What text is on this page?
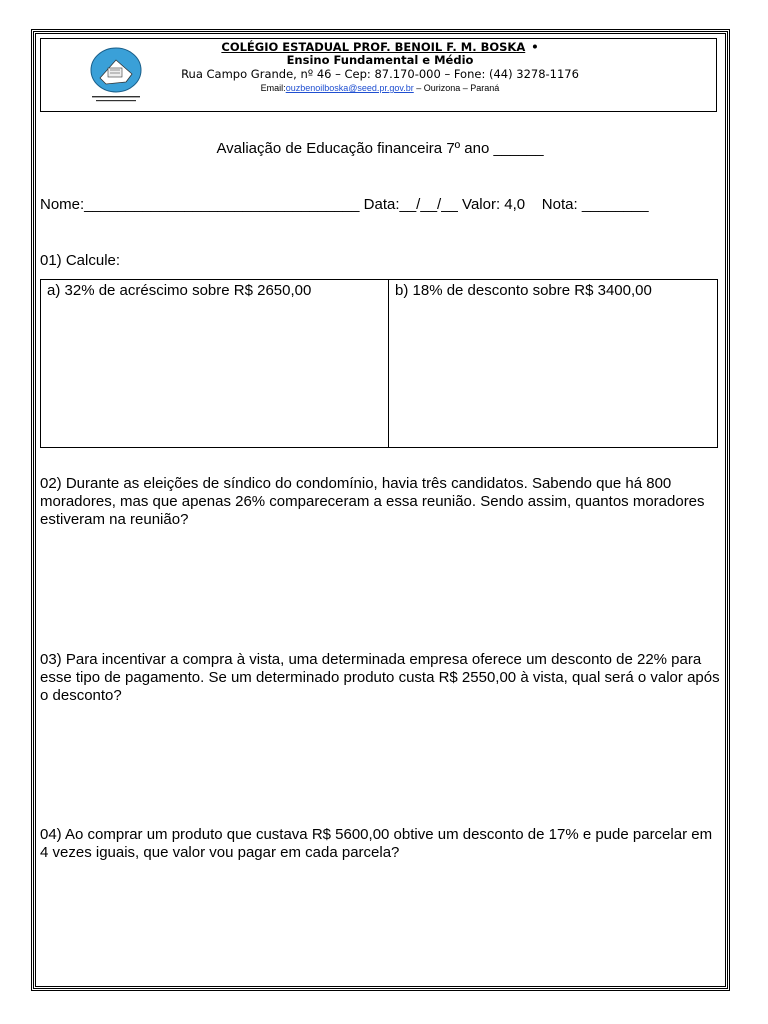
COLÉGIO ESTADUAL PROF. BENOIL F. M. BOSKA •
Ensino Fundamental e Médio
Rua Campo Grande, nº 46 – Cep: 87.170-000 – Fone: (44) 3278-1176
Email:ouzbenoilboska@seed.pr.gov.br – Ourizona – Paraná
Avaliação de Educação financeira 7º ano ______
Nome:_________________________________ Data:__/__/__ Valor: 4,0    Nota: ________
01) Calcule:
a) 32% de acréscimo sobre R$ 2650,00	b) 18% de desconto sobre R$ 3400,00
02) Durante as eleições de síndico do condomínio, havia três candidatos. Sabendo que há 800 moradores, mas que apenas 26% compareceram a essa reunião. Sendo assim, quantos moradores estiveram na reunião?
03) Para incentivar a compra à vista, uma determinada empresa oferece um desconto de 22% para esse tipo de pagamento. Se um determinado produto custa R$ 2550,00 à vista, qual será o valor após o desconto?
04) Ao comprar um produto que custava R$ 5600,00 obtive um desconto de 17% e pude parcelar em 4 vezes iguais, que valor vou pagar em cada parcela?
